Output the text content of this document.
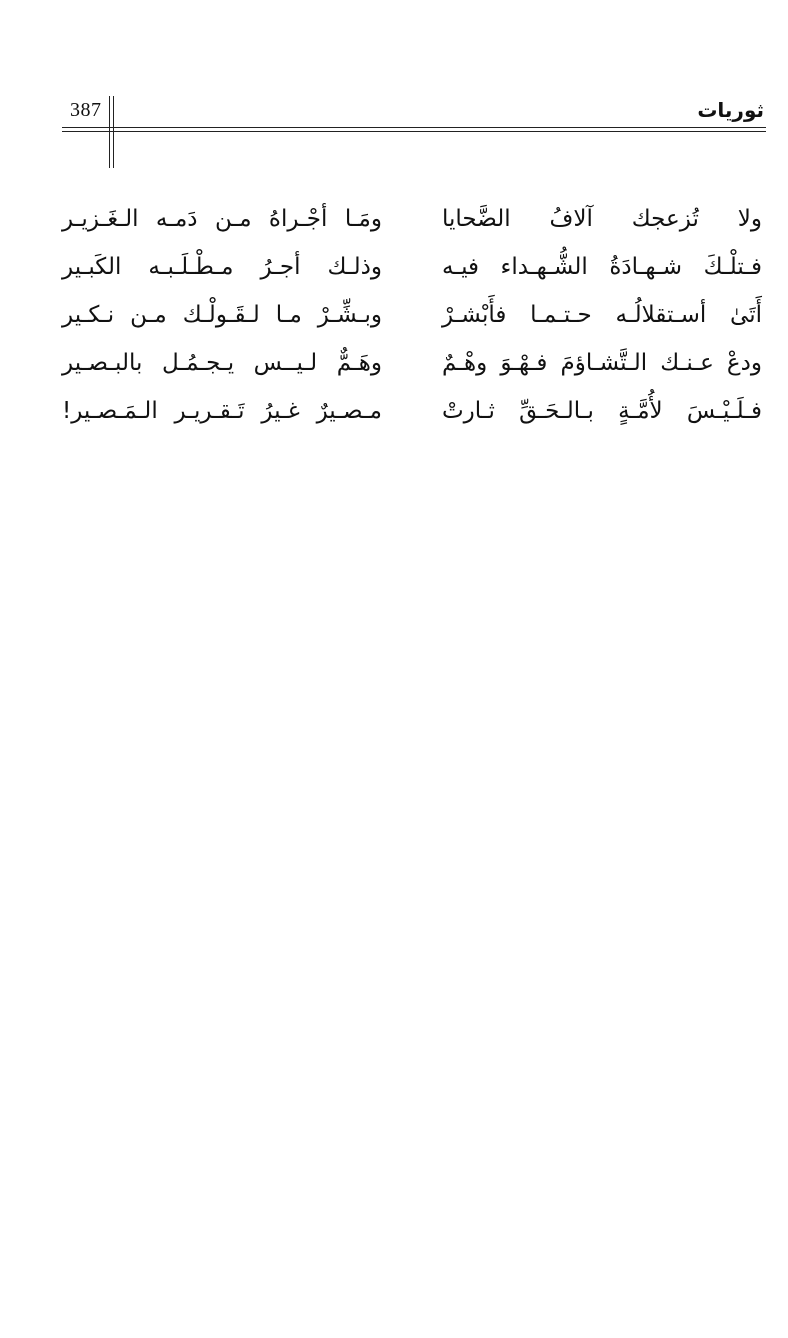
387	ثوريات
ولا تُزعجك آلافُ الضَّحايا
ومَـا أجْـراهُ مـن دَمـه الـغَـزيـر
فـتلْـكَ شـهـادَةُ الشُّـهـداء فيـه
وذلـك أجـرُ مـطْـلَـبـه الكَبـير
أَتَىٰ أسـتقلالُـه حـتـمـا فأَبْشـرْ
وبـشِّـرْ مـا لـقَـولْـك مـن نـكـير
ودعْ عـنـك الـتَّشـاؤمَ فـهْـوَ وهْـمٌ
وهَـمٌّ لـيــس يـجـمُـل بالبـصـير
فـلَـيْـسَ لأُمَّـةٍ بـالـحَـقِّ ثـارتْ
مـصـيرٌ غـيرُ تَـقـريـر الـمَـصـير!
